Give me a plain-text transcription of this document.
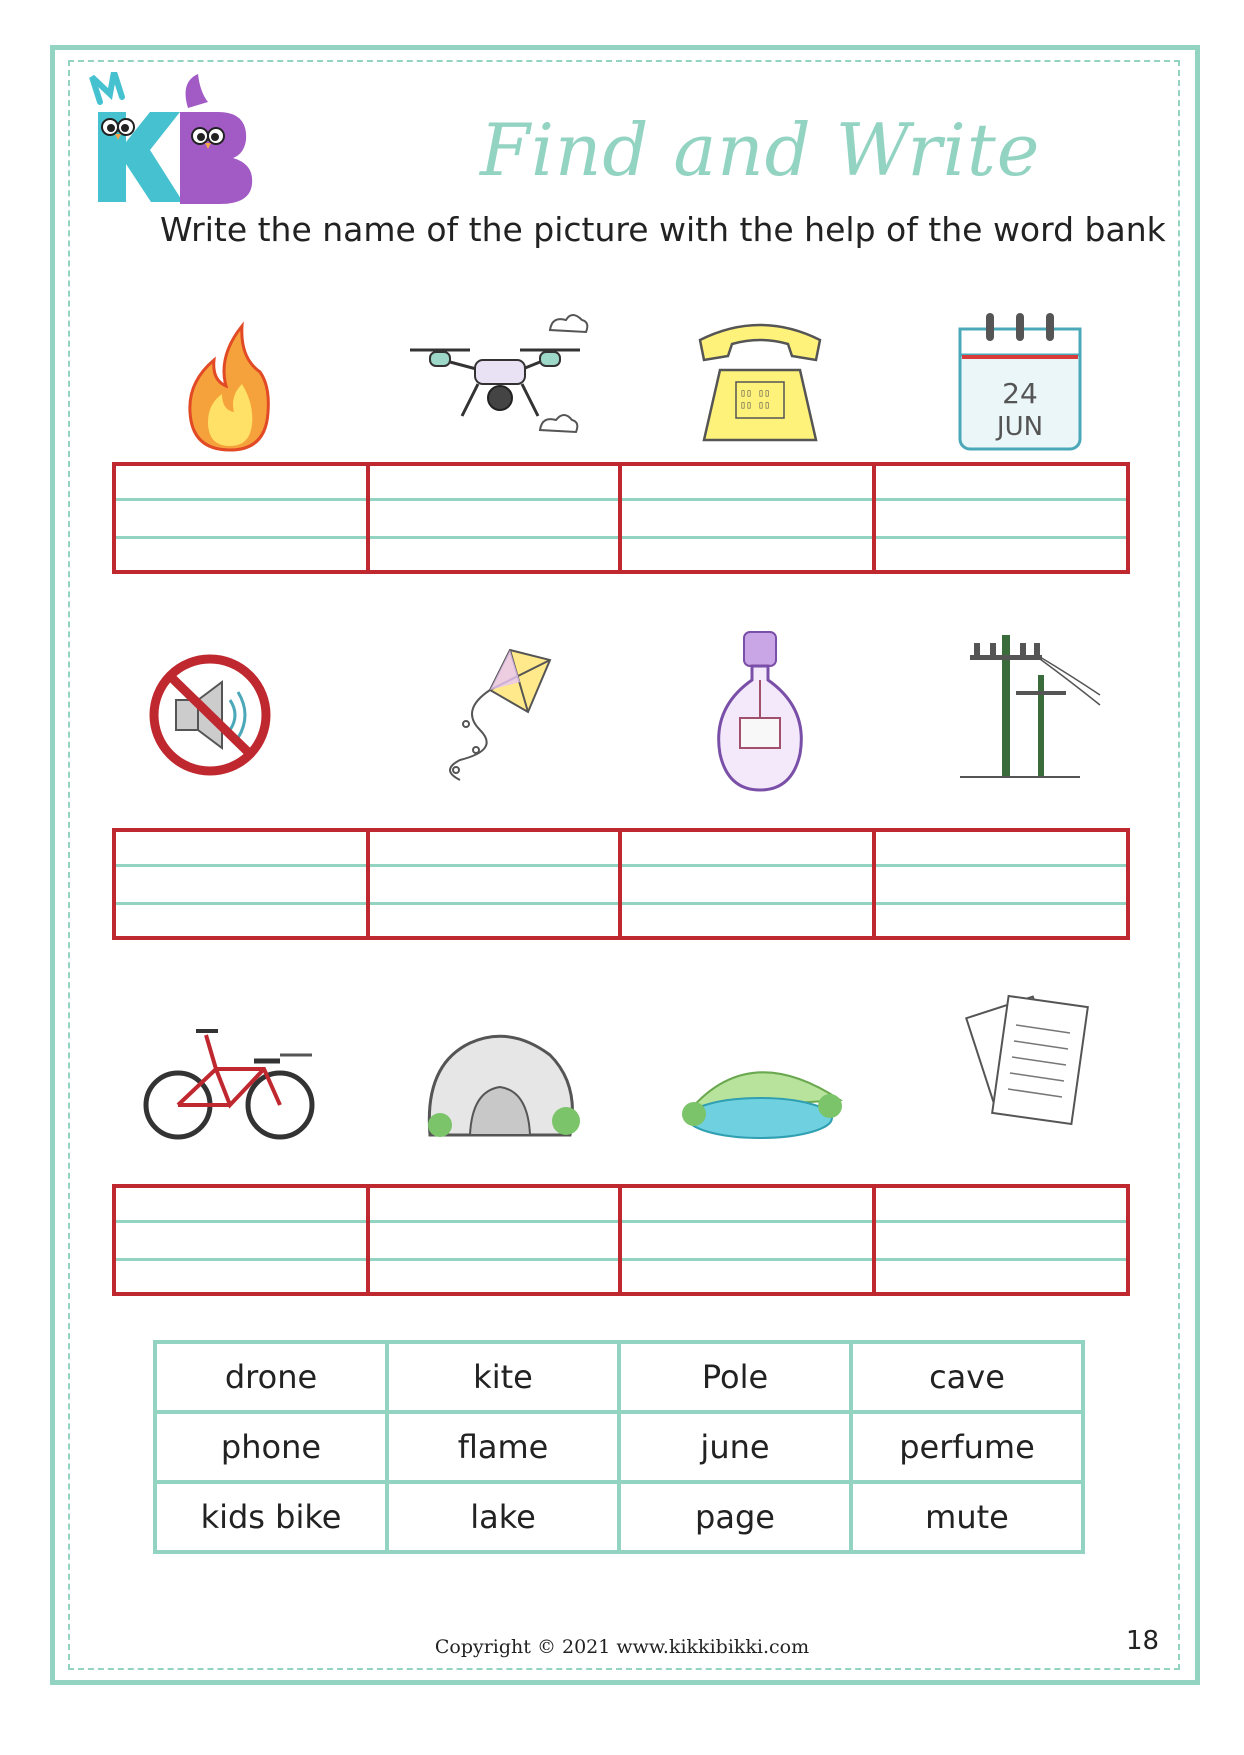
Find and Write
Write the name of the picture with the help of the word bank
▯▯ ▯▯
▯▯ ▯▯	24
JUN
drone	kite	Pole	cave
phone	flame	june	perfume
kids bike	lake	page	mute
Copyright © 2021 www.kikkibikki.com	18
